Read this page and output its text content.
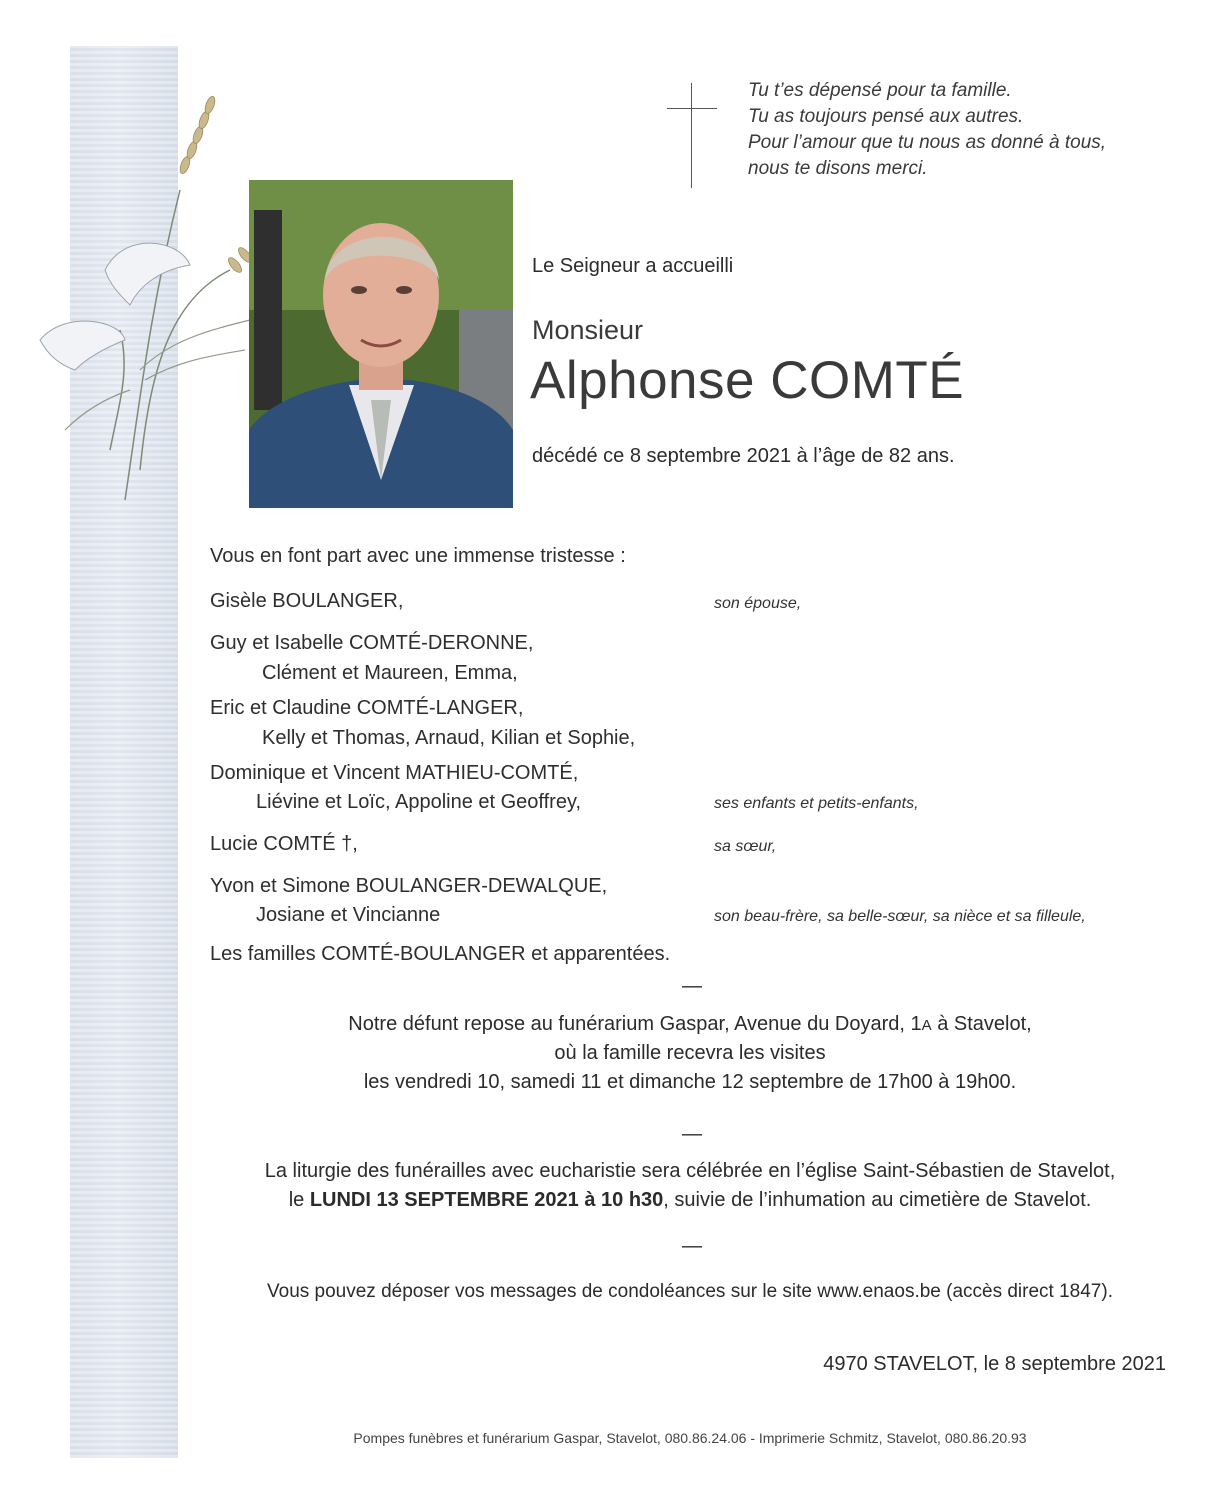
Tu t’es dépensé pour ta famille.
Tu as toujours pensé aux autres.
Pour l’amour que tu nous as donné à tous,
nous te disons merci.
Le Seigneur a accueilli
Monsieur
Alphonse COMTÉ
décédé ce 8 septembre 2021 à l’âge de 82 ans.
Vous en font part avec une immense tristesse :
Gisèle BOULANGER,	son épouse,
Guy et Isabelle COMTÉ-DERONNE,
Clément et Maureen, Emma,
Eric et Claudine COMTÉ-LANGER,
Kelly et Thomas, Arnaud, Kilian et Sophie,
Dominique et Vincent MATHIEU-COMTÉ,
Liévine et Loïc, Appoline et Geoffrey,	ses enfants et petits-enfants,
Lucie COMTÉ †,	sa sœur,
Yvon et Simone BOULANGER-DEWALQUE,
Josiane et Vincianne	son beau-frère, sa belle-sœur, sa nièce et sa filleule,
Les familles COMTÉ-BOULANGER et apparentées.
—
Notre défunt repose au funérarium Gaspar, Avenue du Doyard, 1A à Stavelot,
où la famille recevra les visites
les vendredi 10, samedi 11 et dimanche 12 septembre de 17h00 à 19h00.
—
La liturgie des funérailles avec eucharistie sera célébrée en l’église Saint-Sébastien de Stavelot,
le LUNDI 13 SEPTEMBRE 2021 à 10 h30, suivie de l’inhumation au cimetière de Stavelot.
—
Vous pouvez déposer vos messages de condoléances sur le site www.enaos.be (accès direct 1847).
4970 STAVELOT, le 8 septembre 2021
Pompes funèbres et funérarium Gaspar, Stavelot, 080.86.24.06 - Imprimerie Schmitz, Stavelot, 080.86.20.93
